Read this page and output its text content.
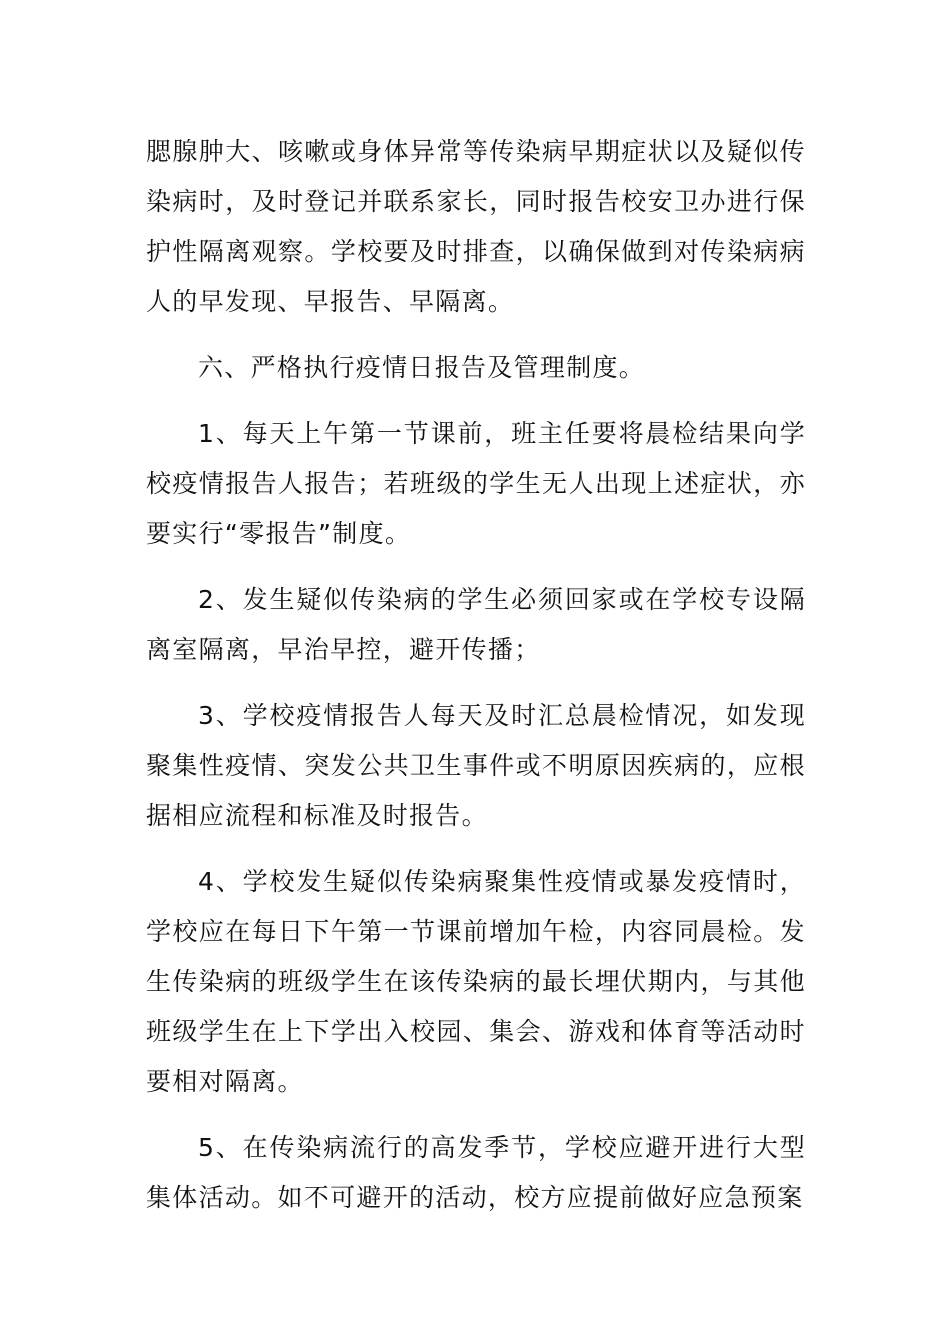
腮腺肿大、咳嗽或身体异常等传染病早期症状以及疑似传染病时，及时登记并联系家长，同时报告校安卫办进行保护性隔离观察。学校要及时排查，以确保做到对传染病病人的早发现、早报告、早隔离。

六、严格执行疫情日报告及管理制度。

1、每天上午第一节课前，班主任要将晨检结果向学校疫情报告人报告；若班级的学生无人出现上述症状，亦要实行“零报告”制度。

2、发生疑似传染病的学生必须回家或在学校专设隔离室隔离，早治早控，避开传播；

3、学校疫情报告人每天及时汇总晨检情况，如发现聚集性疫情、突发公共卫生事件或不明原因疾病的，应根据相应流程和标准及时报告。

4、学校发生疑似传染病聚集性疫情或暴发疫情时，学校应在每日下午第一节课前增加午检，内容同晨检。发生传染病的班级学生在该传染病的最长埋伏期内，与其他班级学生在上下学出入校园、集会、游戏和体育等活动时要相对隔离。

5、在传染病流行的高发季节，学校应避开进行大型集体活动。如不可避开的活动，校方应提前做好应急预案
